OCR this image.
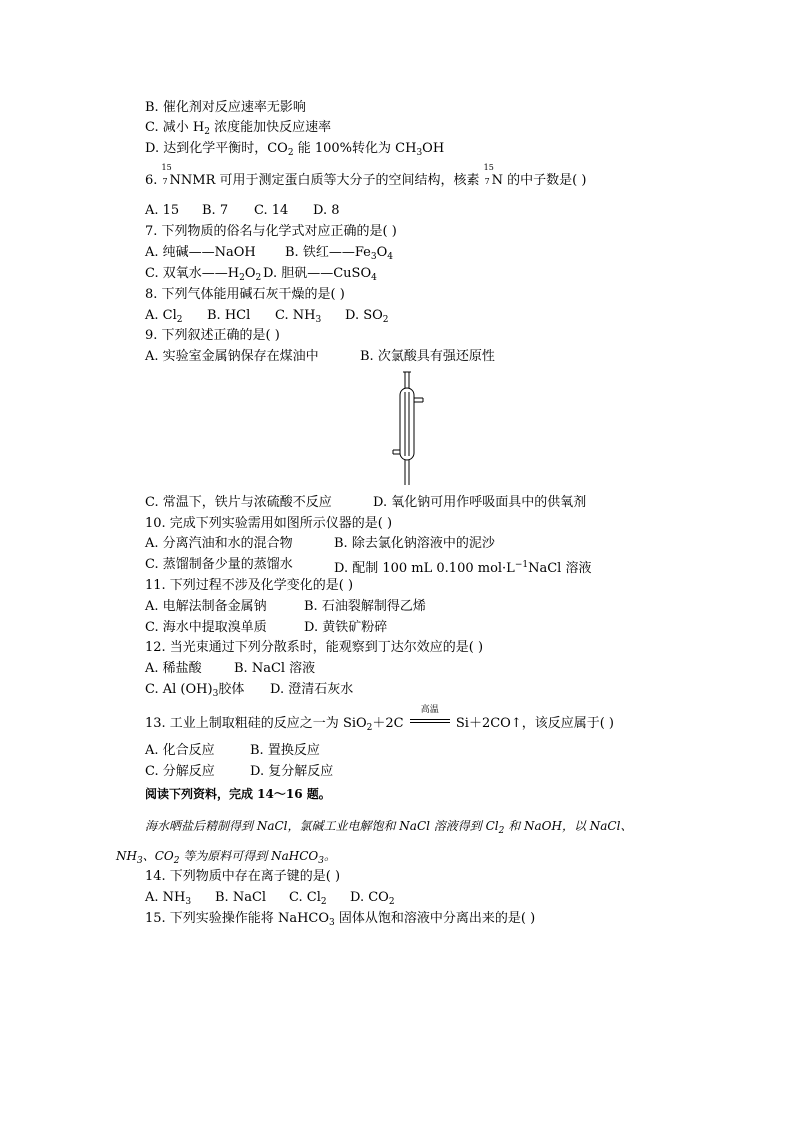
B. 催化剂对反应速率无影响
C. 减小 $H_2$ 浓度能加快反应速率
D. 达到化学平衡时，$CO_2$ 能 100%转化为 $CH_3OH$
6.
15
7 NNMR 可用于测定蛋白质等大分子的空间结构，核素
15
7 N 的中子数是( )
A. 15 B. 7 C. 14 D. 8
7. 下列物质的俗名与化学式对应正确的是( )
A. 纯碱——NaOH B. 铁红$——Fe_3O_4$
C. 双氧水$——H_2O_2$ D. 胆矾——CuSO$_4$
8. 下列气体能用碱石灰干燥的是( )
A. $Cl_2$ B. HCl C. $NH_3$ D. $SO_2$
9. 下列叙述正确的是( )
A. 实验室金属钠保存在煤油中	B. 次氯酸具有强还原性
C. 常温下，铁片与浓硫酸不反应	D. 氧化钠可用作呼吸面具中的供氧剂
10. 完成下列实验需用如图所示仪器的是( )
A. 分离汽油和水的混合物	B. 除去氯化钠溶液中的泥沙
C. 蒸馏制备少量的蒸馏水	D. 配制 100 mL 0.100 $mol\cdot L^{-1}NaCl$ 溶液
11. 下列过程不涉及化学变化的是( )
A. 电解法制备金属钠	B. 石油裂解制得乙烯
C. 海水中提取溴单质	D. 黄铁矿粉碎
12. 当光束通过下列分散系时，能观察到丁达尔效应的是( )
A. 稀盐酸 B. NaCl 溶液
C. Al $(OH)_3$胶体 D. 澄清石灰水
13. 工业上制取粗硅的反应之一为 SiO$_2$＋2C
高温
Si＋2CO↑，该反应属于( )
A. 化合反应	B. 置换反应
C. 分解反应	D. 复分解反应
阅读下列资料，完成 14～16 题。
海水晒盐后精制得到 NaCl，氯碱工业电解饱和 NaCl 溶液得到 $Cl_2$ 和 NaOH，以 NaCl、
$NH_3$、$CO_2$ 等为原料可得到 NaHCO$_3$。
14. 下列物质中存在离子键的是( )
A. $NH_3$ B. NaCl C. $Cl_2$ D. $CO_2$
15. 下列实验操作能将 NaHCO$_3$ 固体从饱和溶液中分离出来的是( )
